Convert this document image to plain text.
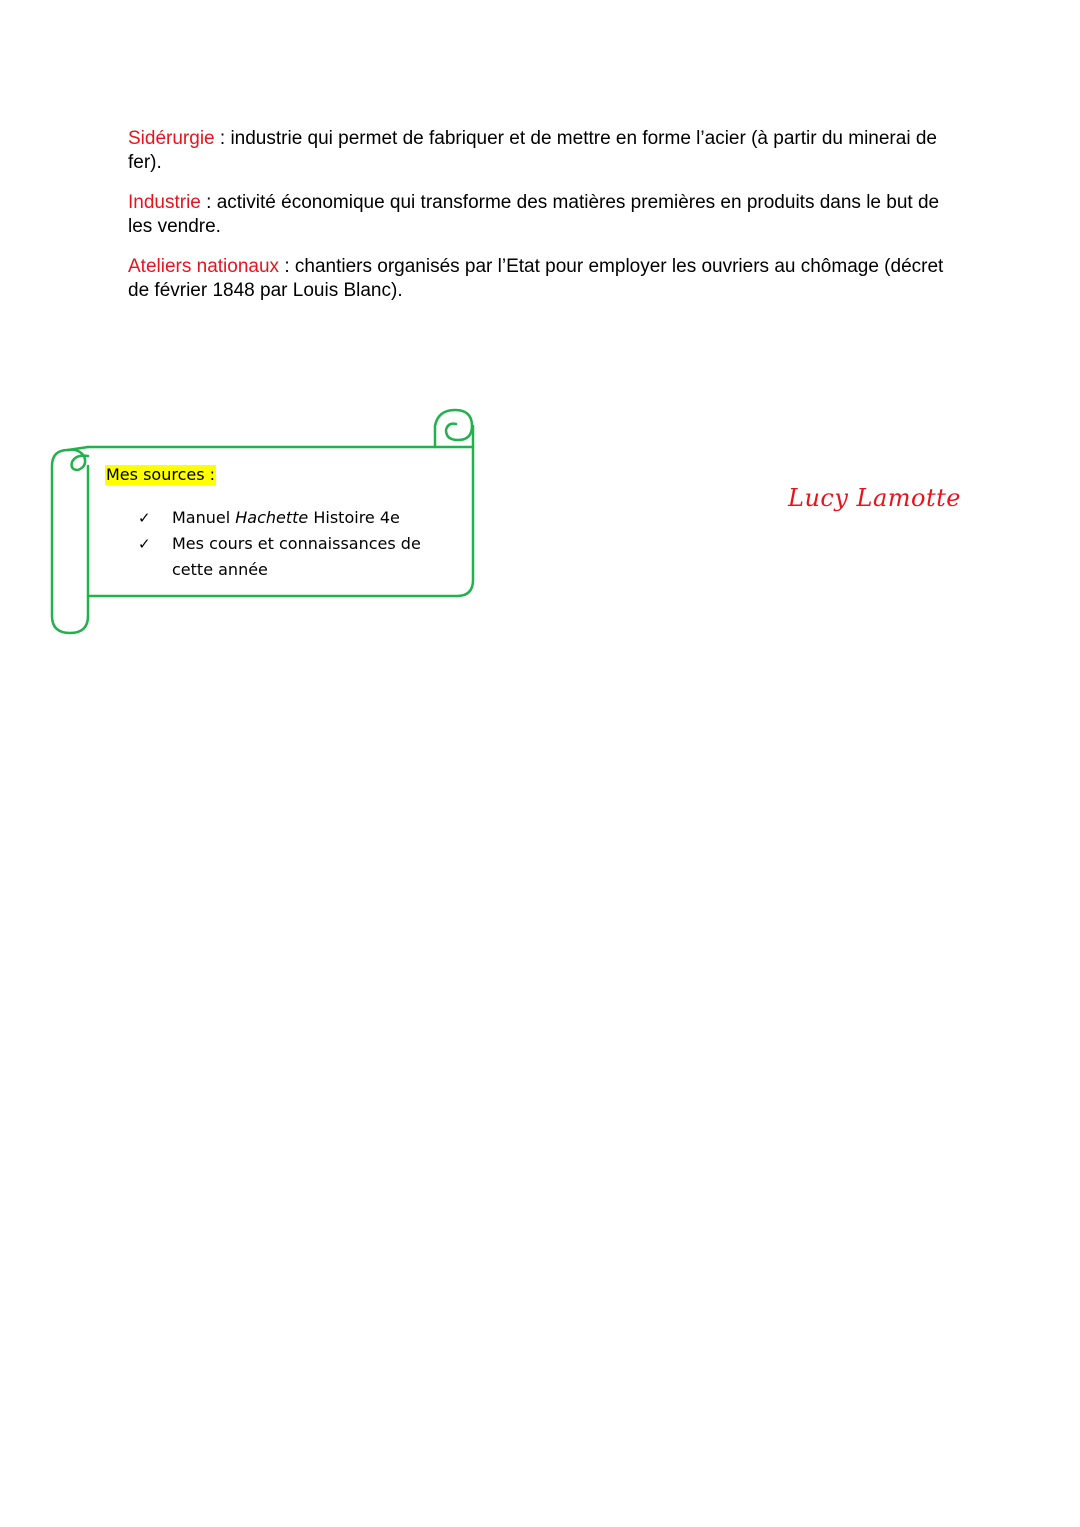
Sidérurgie : industrie qui permet de fabriquer et de mettre en forme l’acier (à partir du minerai de fer).

Industrie : activité économique qui transforme des matières premières en produits dans le but de les vendre.

Ateliers nationaux : chantiers organisés par l’Etat pour employer les ouvriers au chômage (décret de février 1848 par Louis Blanc).

Mes sources :
✓ Manuel Hachette Histoire 4e
✓ Mes cours et connaissances de cette année
Lucy Lamotte
